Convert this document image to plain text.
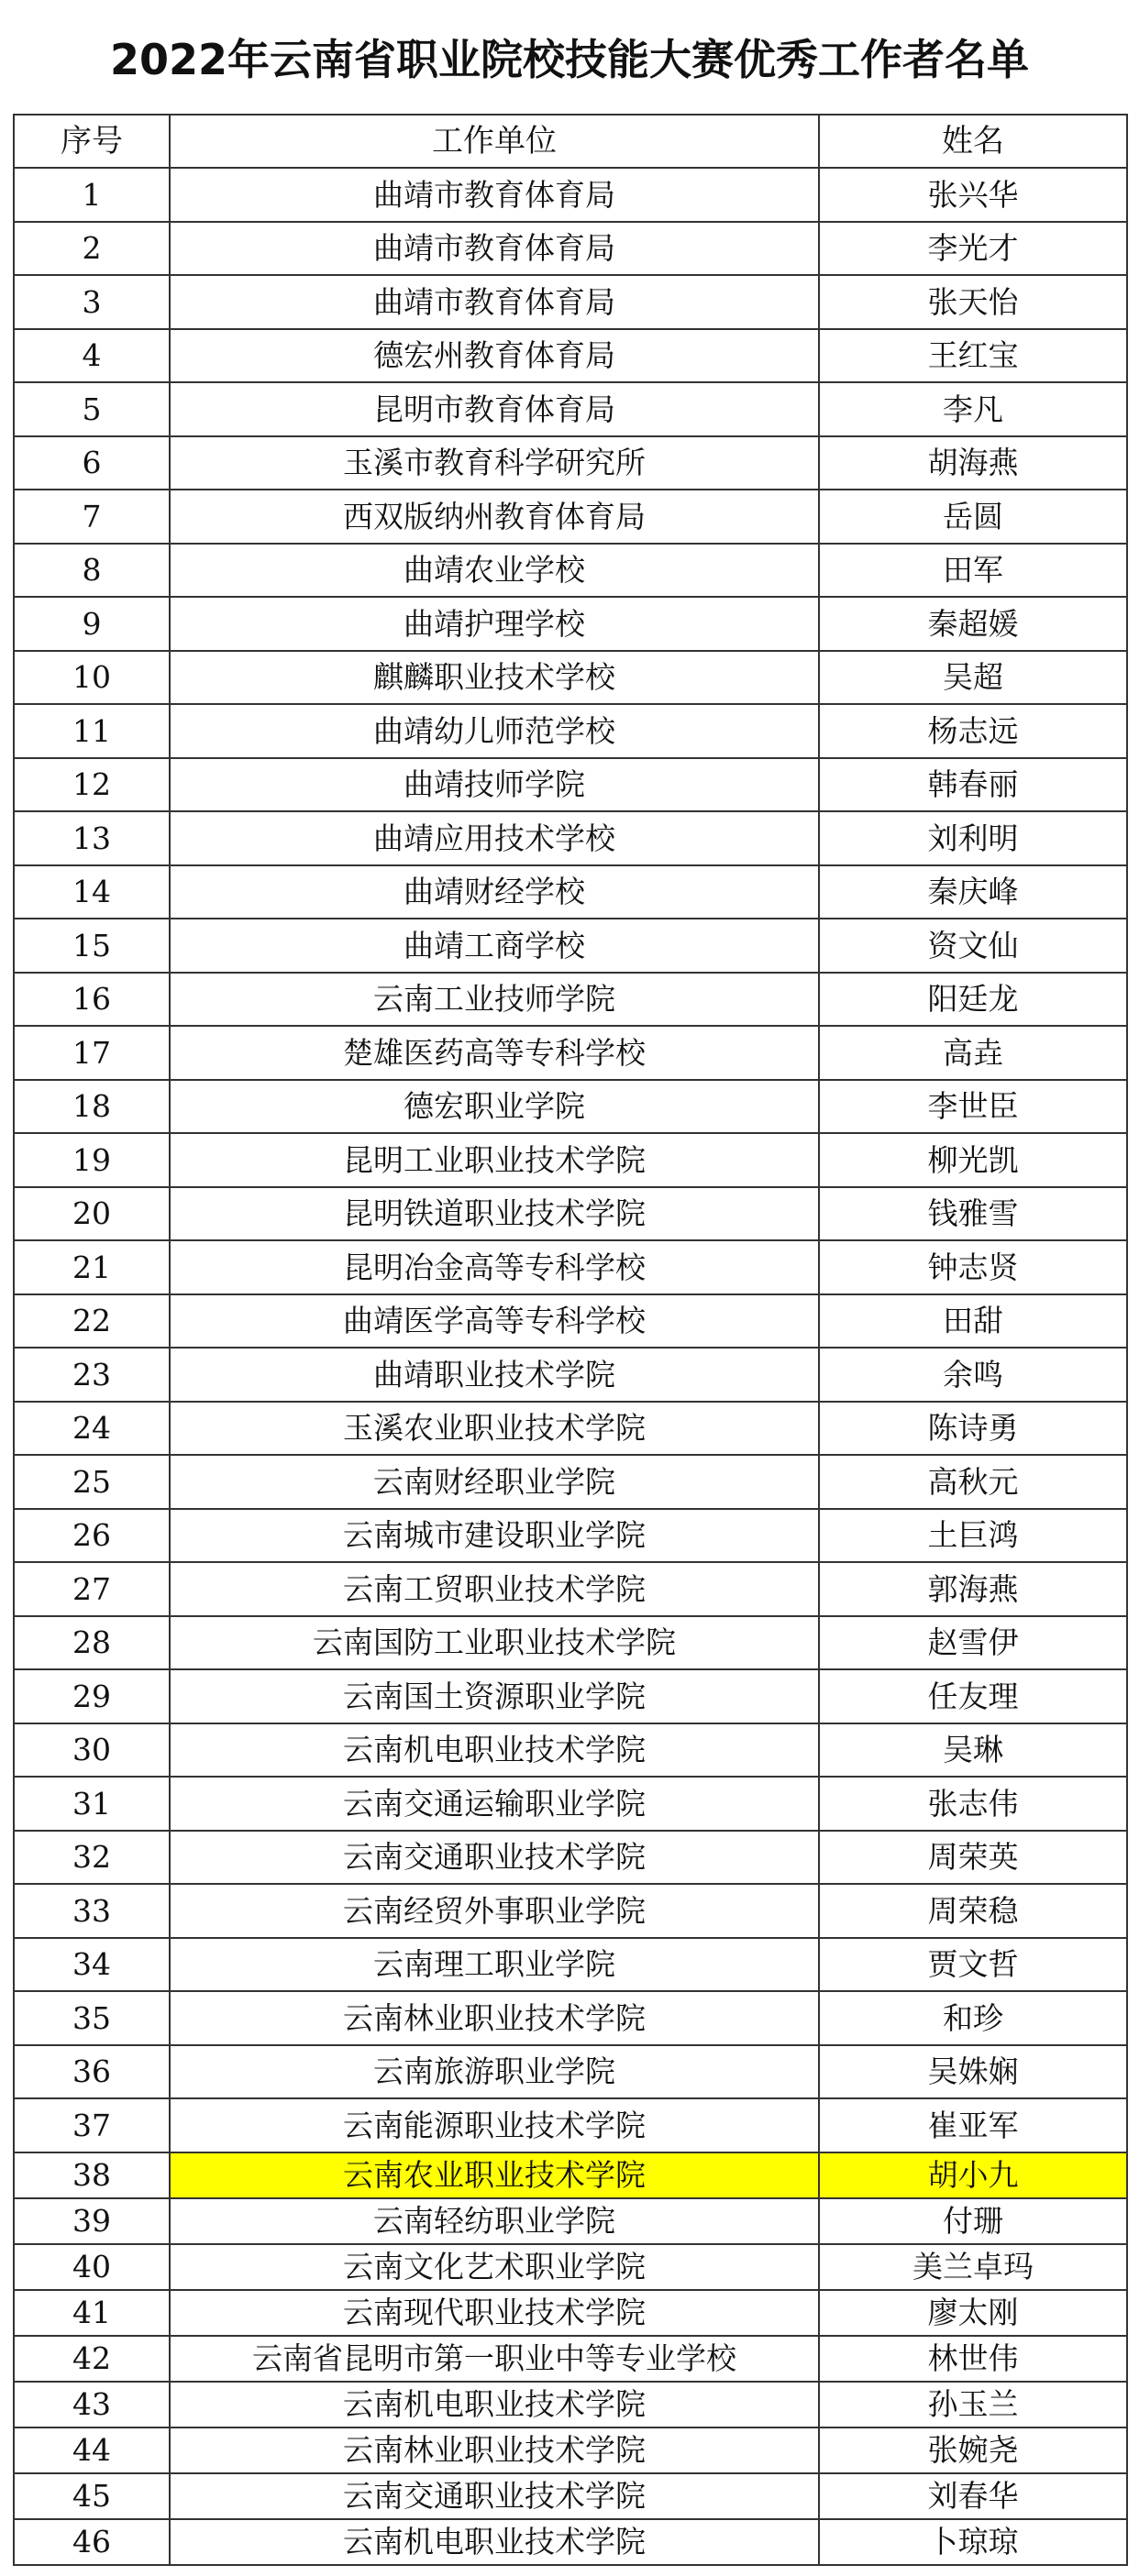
2022年云南省职业院校技能大赛优秀工作者名单
序号	工作单位	姓名
1	曲靖市教育体育局	张兴华
2	曲靖市教育体育局	李光才
3	曲靖市教育体育局	张天怡
4	德宏州教育体育局	王红宝
5	昆明市教育体育局	李凡
6	玉溪市教育科学研究所	胡海燕
7	西双版纳州教育体育局	岳圆
8	曲靖农业学校	田军
9	曲靖护理学校	秦超媛
10	麒麟职业技术学校	吴超
11	曲靖幼儿师范学校	杨志远
12	曲靖技师学院	韩春丽
13	曲靖应用技术学校	刘利明
14	曲靖财经学校	秦庆峰
15	曲靖工商学校	资文仙
16	云南工业技师学院	阳廷龙
17	楚雄医药高等专科学校	高垚
18	德宏职业学院	李世臣
19	昆明工业职业技术学院	柳光凯
20	昆明铁道职业技术学院	钱雅雪
21	昆明冶金高等专科学校	钟志贤
22	曲靖医学高等专科学校	田甜
23	曲靖职业技术学院	余鸣
24	玉溪农业职业技术学院	陈诗勇
25	云南财经职业学院	高秋元
26	云南城市建设职业学院	土巨鸿
27	云南工贸职业技术学院	郭海燕
28	云南国防工业职业技术学院	赵雪伊
29	云南国土资源职业学院	任友理
30	云南机电职业技术学院	吴琳
31	云南交通运输职业学院	张志伟
32	云南交通职业技术学院	周荣英
33	云南经贸外事职业学院	周荣稳
34	云南理工职业学院	贾文哲
35	云南林业职业技术学院	和珍
36	云南旅游职业学院	吴姝娴
37	云南能源职业技术学院	崔亚军
38	云南农业职业技术学院	胡小九
39	云南轻纺职业学院	付珊
40	云南文化艺术职业学院	美兰卓玛
41	云南现代职业技术学院	廖太刚
42	云南省昆明市第一职业中等专业学校	林世伟
43	云南机电职业技术学院	孙玉兰
44	云南林业职业技术学院	张婉尧
45	云南交通职业技术学院	刘春华
46	云南机电职业技术学院	卜琼琼
